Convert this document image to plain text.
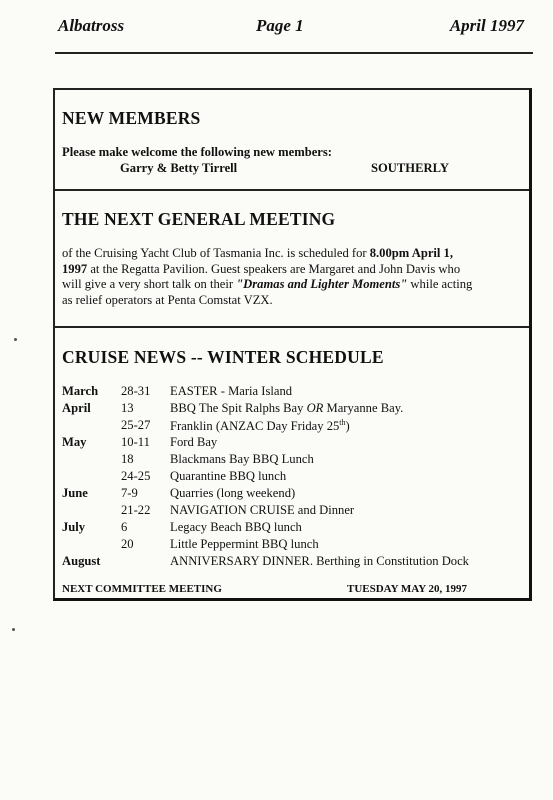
Albatross	Page 1	April 1997
NEW MEMBERS
Please make welcome the following new members:
Garry & Betty Tirrell	SOUTHERLY
THE NEXT GENERAL MEETING
of the Cruising Yacht Club of Tasmania Inc. is scheduled for 8.00pm April 1,
1997 at the Regatta Pavilion. Guest speakers are Margaret and John Davis who
will give a very short talk on their "Dramas and Lighter Moments" while acting
as relief operators at Penta Comstat VZX.
CRUISE NEWS -- WINTER SCHEDULE
March 28-31 EASTER - Maria Island
April 13	BBQ The Spit Ralphs Bay OR Maryanne Bay.
25-27 Franklin (ANZAC Day Friday 25th)
May	10-11 Ford Bay
18	Blackmans Bay BBQ Lunch
24-25 Quarantine BBQ lunch
June	7-9	Quarries (long weekend)
21-22 NAVIGATION CRUISE and Dinner
July	6	Legacy Beach BBQ lunch
20	Little Peppermint BBQ lunch
August	ANNIVERSARY DINNER. Berthing in Constitution Dock
NEXT COMMITTEE MEETING	TUESDAY MAY 20, 1997
